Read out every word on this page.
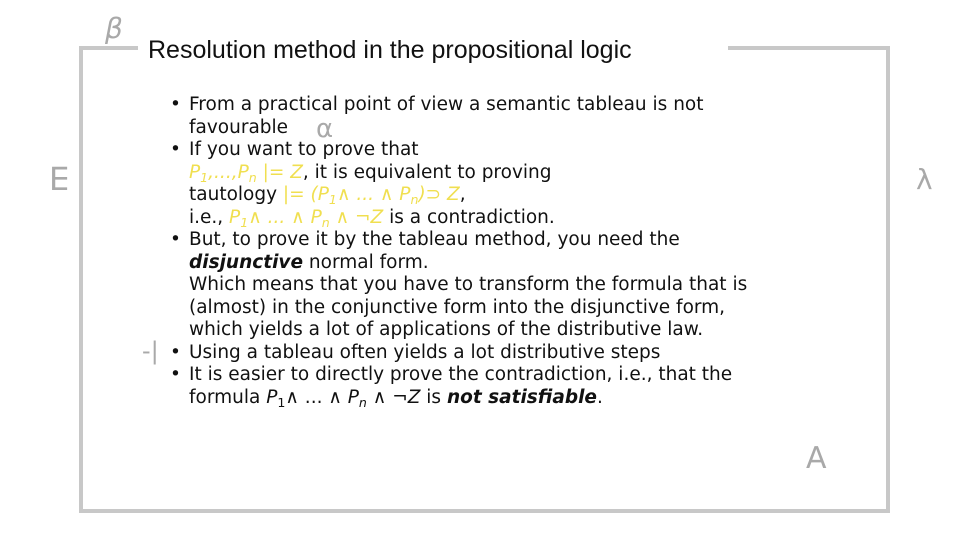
Resolution method in the propositional logic
β
∃
α
λ
|-
∀
• From a practical point of view a semantic tableau is not
favourable
• If you want to prove that
$P_1,...,P_n$ |= Z, it is equivalent to proving
tautology |= ($P_1\wedge$ ... ∧ $P_n)⊃$ Z,
i.e., $P_1\wedge$ ... ∧ $P_n$ ∧ ¬Z is a contradiction.
• But, to prove it by the tableau method, you need the
disjunctive normal form.
Which means that you have to transform the formula that is
(almost) in the conjunctive form into the disjunctive form,
which yields a lot of applications of the distributive law.
• Using a tableau often yields a lot distributive steps
• It is easier to directly prove the contradiction, i.e., that the
formula $P_1\wedge$ ... ∧ $P_n$ ∧ ¬Z is not satisfiable.
